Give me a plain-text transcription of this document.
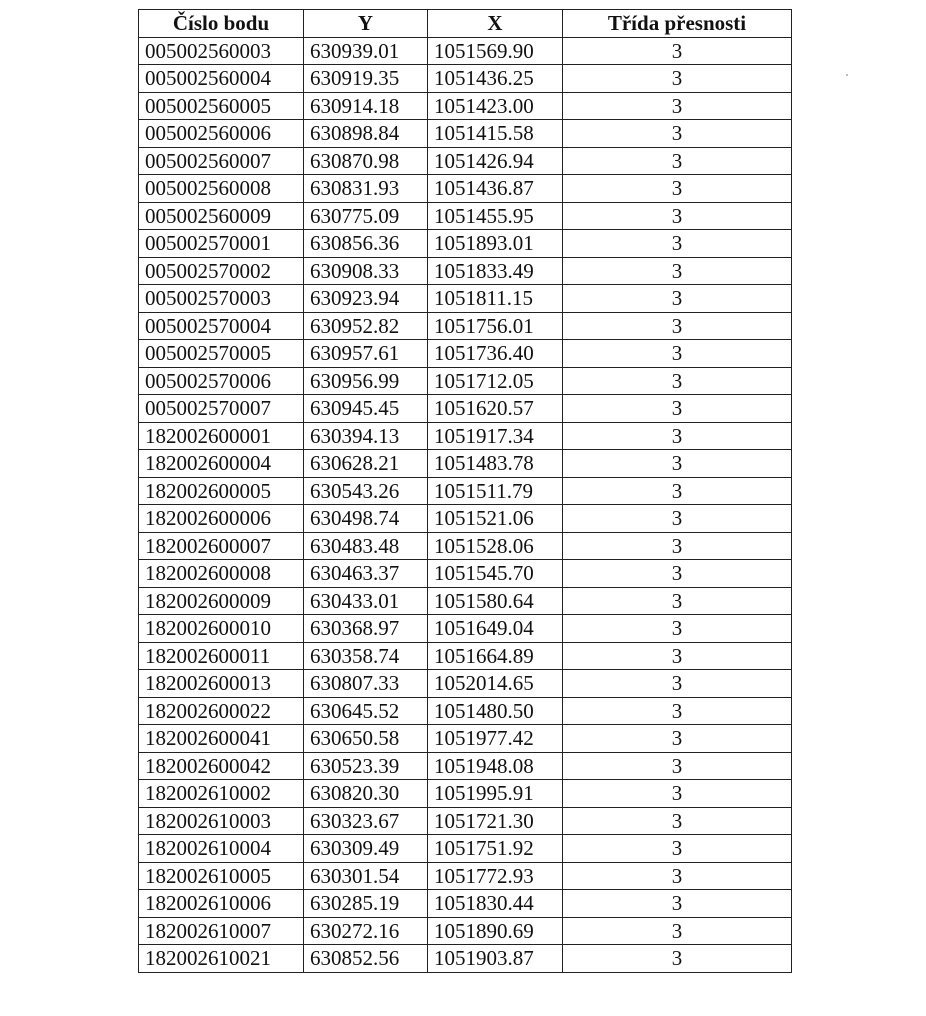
Číslo bodu	Y	X	Třída přesnosti
005002560003	630939.01	1051569.90	3
005002560004	630919.35	1051436.25	3
005002560005	630914.18	1051423.00	3
005002560006	630898.84	1051415.58	3
005002560007	630870.98	1051426.94	3
005002560008	630831.93	1051436.87	3
005002560009	630775.09	1051455.95	3
005002570001	630856.36	1051893.01	3
005002570002	630908.33	1051833.49	3
005002570003	630923.94	1051811.15	3
005002570004	630952.82	1051756.01	3
005002570005	630957.61	1051736.40	3
005002570006	630956.99	1051712.05	3
005002570007	630945.45	1051620.57	3
182002600001	630394.13	1051917.34	3
182002600004	630628.21	1051483.78	3
182002600005	630543.26	1051511.79	3
182002600006	630498.74	1051521.06	3
182002600007	630483.48	1051528.06	3
182002600008	630463.37	1051545.70	3
182002600009	630433.01	1051580.64	3
182002600010	630368.97	1051649.04	3
182002600011	630358.74	1051664.89	3
182002600013	630807.33	1052014.65	3
182002600022	630645.52	1051480.50	3
182002600041	630650.58	1051977.42	3
182002600042	630523.39	1051948.08	3
182002610002	630820.30	1051995.91	3
182002610003	630323.67	1051721.30	3
182002610004	630309.49	1051751.92	3
182002610005	630301.54	1051772.93	3
182002610006	630285.19	1051830.44	3
182002610007	630272.16	1051890.69	3
182002610021	630852.56	1051903.87	3
